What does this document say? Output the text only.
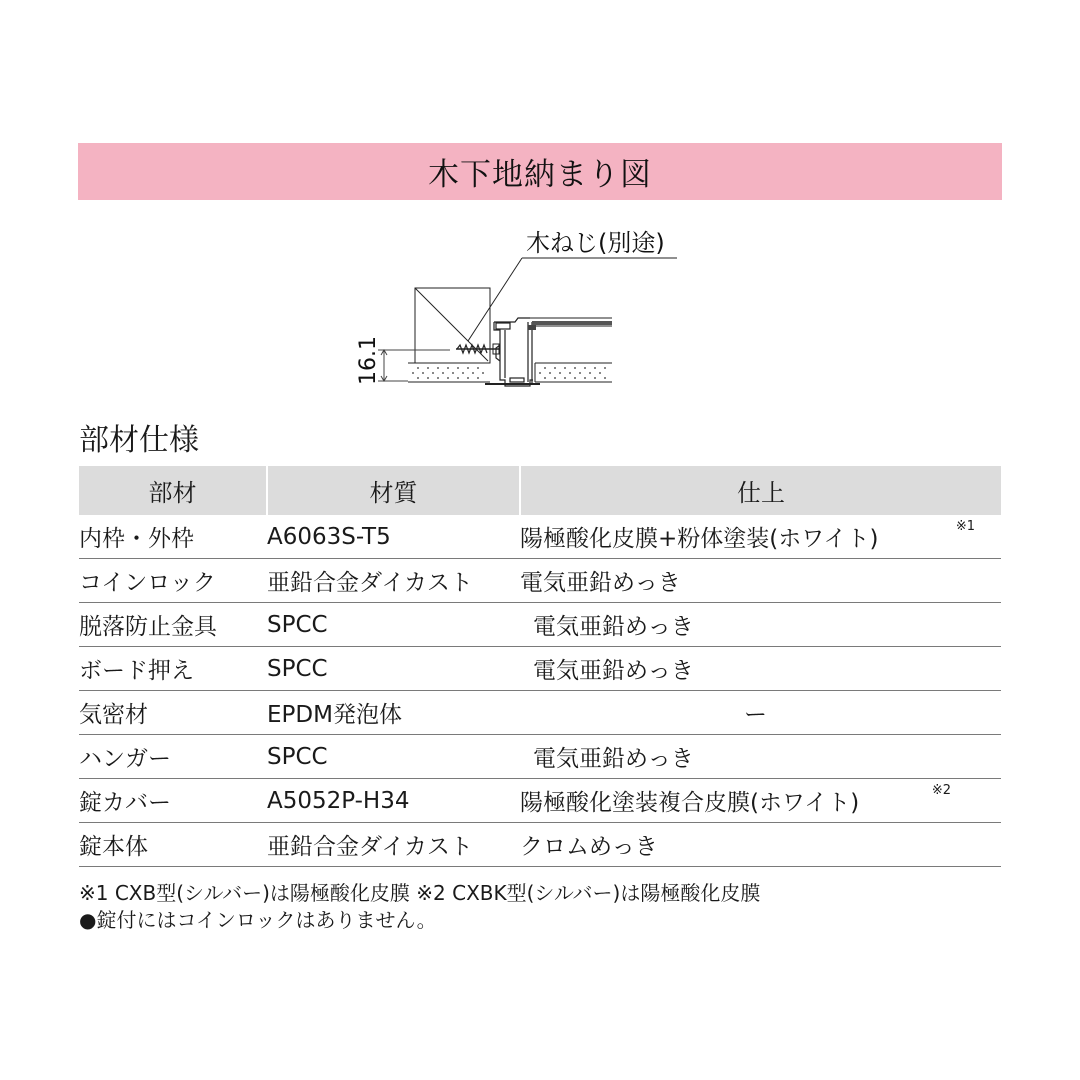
木下地納まり図
木ねじ(別途)
16.1
部材仕様
部材	材質	仕上
内枠・外枠	A6063S-T5	陽極酸化皮膜+粉体塗装(ホワイト) ※1

コインロック	亜鉛合金ダイカスト	電気亜鉛めっき
脱落防止金具	SPCC	電気亜鉛めっき
ボード押え	SPCC	電気亜鉛めっき
気密材	EPDM発泡体	ー

ハンガー	SPCC	電気亜鉛めっき
錠カバー	A5052P-H34	陽極酸化塗装複合皮膜(ホワイト) ※2

錠本体	亜鉛合金ダイカスト	クロムめっき
※1 CXB型(シルバー)は陽極酸化皮膜 ※2 CXBK型(シルバー)は陽極酸化皮膜
●錠付にはコインロックはありません。
